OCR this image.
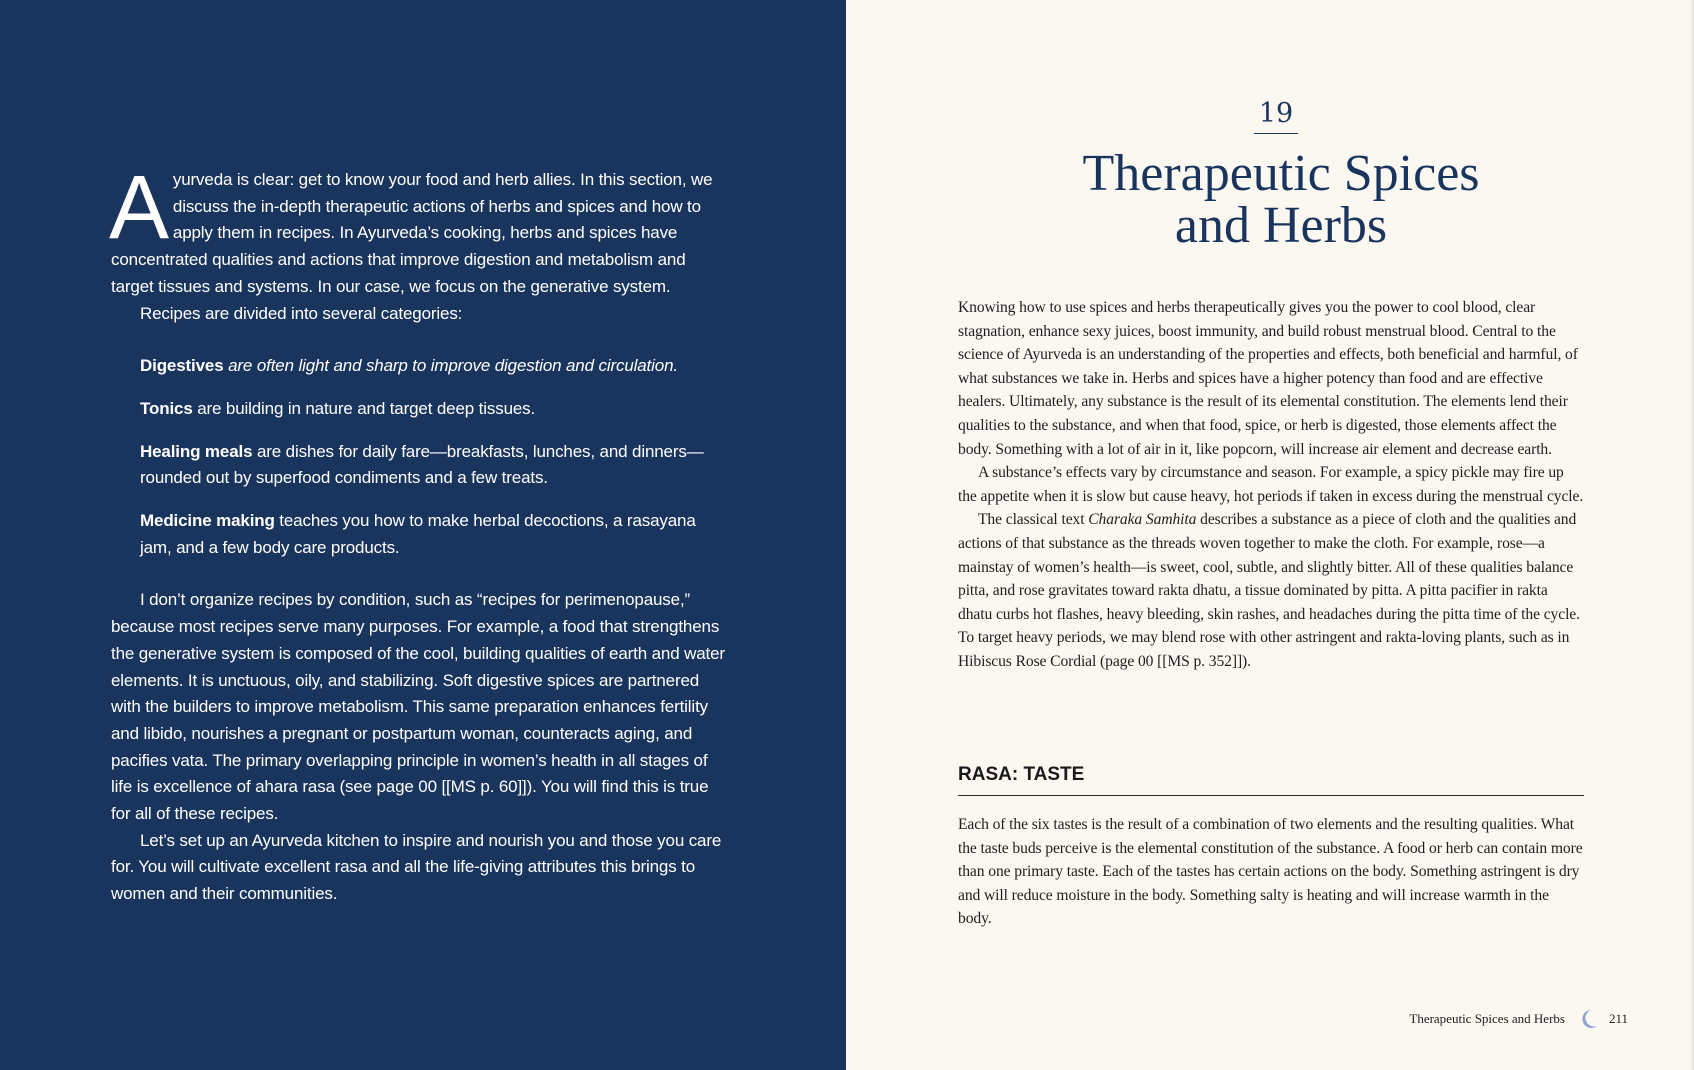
Ayurveda is clear: get to know your food and herb allies. In this section, we discuss the in-depth therapeutic actions of herbs and spices and how to apply them in recipes. In Ayurveda’s cooking, herbs and spices have concentrated qualities and actions that improve digestion and metabolism and target tissues and systems. In our case, we focus on the generative system.

Recipes are divided into several categories:

Digestives are often light and sharp to improve digestion and circulation.

Tonics are building in nature and target deep tissues.

Healing meals are dishes for daily fare—breakfasts, lunches, and dinners—rounded out by superfood condiments and a few treats.

Medicine making teaches you how to make herbal decoctions, a rasayana jam, and a few body care products.

I don’t organize recipes by condition, such as “recipes for perimenopause,” because most recipes serve many purposes. For example, a food that strengthens the generative system is composed of the cool, building qualities of earth and water elements. It is unctuous, oily, and stabilizing. Soft digestive spices are partnered with the builders to improve metabolism. This same preparation enhances fertility and libido, nourishes a pregnant or postpartum woman, counteracts aging, and pacifies vata. The primary overlapping principle in women’s health in all stages of life is excellence of ahara rasa (see page 00 [[MS p. 60]]). You will find this is true for all of these recipes.

Let’s set up an Ayurveda kitchen to inspire and nourish you and those you care for. You will cultivate excellent rasa and all the life-giving attributes this brings to women and their communities.

19
Therapeutic Spices
and Herbs

Knowing how to use spices and herbs therapeutically gives you the power to cool blood, clear stagnation, enhance sexy juices, boost immunity, and build robust menstrual blood. Central to the science of Ayurveda is an understanding of the properties and effects, both beneficial and harmful, of what substances we take in. Herbs and spices have a higher potency than food and are effective healers. Ultimately, any substance is the result of its elemental constitution. The elements lend their qualities to the substance, and when that food, spice, or herb is digested, those elements affect the body. Something with a lot of air in it, like popcorn, will increase air element and decrease earth.

A substance’s effects vary by circumstance and season. For example, a spicy pickle may fire up the appetite when it is slow but cause heavy, hot periods if taken in excess during the menstrual cycle.

The classical text Charaka Samhita describes a substance as a piece of cloth and the qualities and actions of that substance as the threads woven together to make the cloth. For example, rose—a mainstay of women’s health—is sweet, cool, subtle, and slightly bitter. All of these qualities balance pitta, and rose gravitates toward rakta dhatu, a tissue dominated by pitta. A pitta pacifier in rakta dhatu curbs hot flashes, heavy bleeding, skin rashes, and headaches during the pitta time of the cycle. To target heavy periods, we may blend rose with other astringent and rakta-loving plants, such as in Hibiscus Rose Cordial (page 00 [[MS p. 352]]).

RASA: TASTE

Each of the six tastes is the result of a combination of two elements and the resulting qualities. What the taste buds perceive is the elemental constitution of the substance. A food or herb can contain more than one primary taste. Each of the tastes has certain actions on the body. Something astringent is dry and will reduce moisture in the body. Something salty is heating and will increase warmth in the body.

Therapeutic Spices and Herbs	211
